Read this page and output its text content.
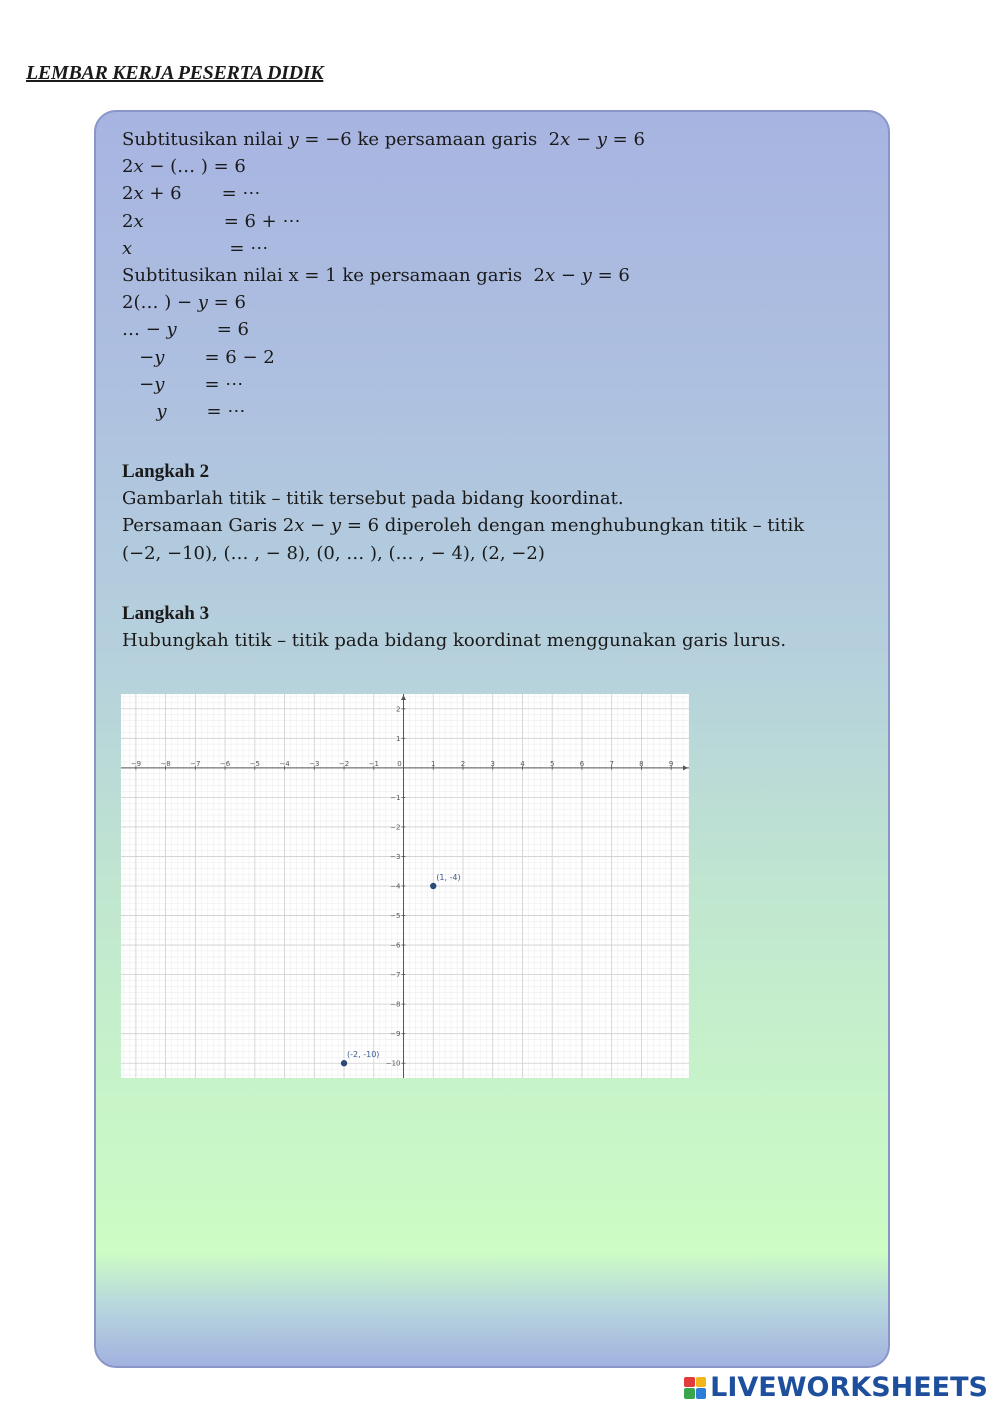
LEMBAR KERJA PESERTA DIDIK
Subtitusikan nilai 𝑦 = −6 ke persamaan garis  2𝑥 − 𝑦 = 6
2𝑥 − (… ) = 6
2𝑥 + 6       = ⋯
2𝑥              = 6 + ⋯
𝑥                 = ⋯
Subtitusikan nilai x = 1 ke persamaan garis  2𝑥 − 𝑦 = 6
2(… ) − 𝑦 = 6
… − 𝑦       = 6
−𝑦       = 6 − 2
−𝑦       = ⋯
𝑦       = ⋯
Langkah 2
Gambarlah titik – titik tersebut pada bidang koordinat.
Persamaan Garis 2𝑥 − 𝑦 = 6 diperoleh dengan menghubungkan titik – titik
(−2, −10), (… , − 8), (0, … ), (… , − 4), (2, −2)
Langkah 3
Hubungkah titik – titik pada bidang koordinat menggunakan garis lurus.
−9	−8	−7	−6	−5	−4	−3	−2	−1	0	1	2	3	4	5	6	7	8	9
2
1
−1
−2
−3
−4
−5
−6
−7
−8
−9
−10
(1, -4)
(-2, -10)
LIVEWORKSHEETS
